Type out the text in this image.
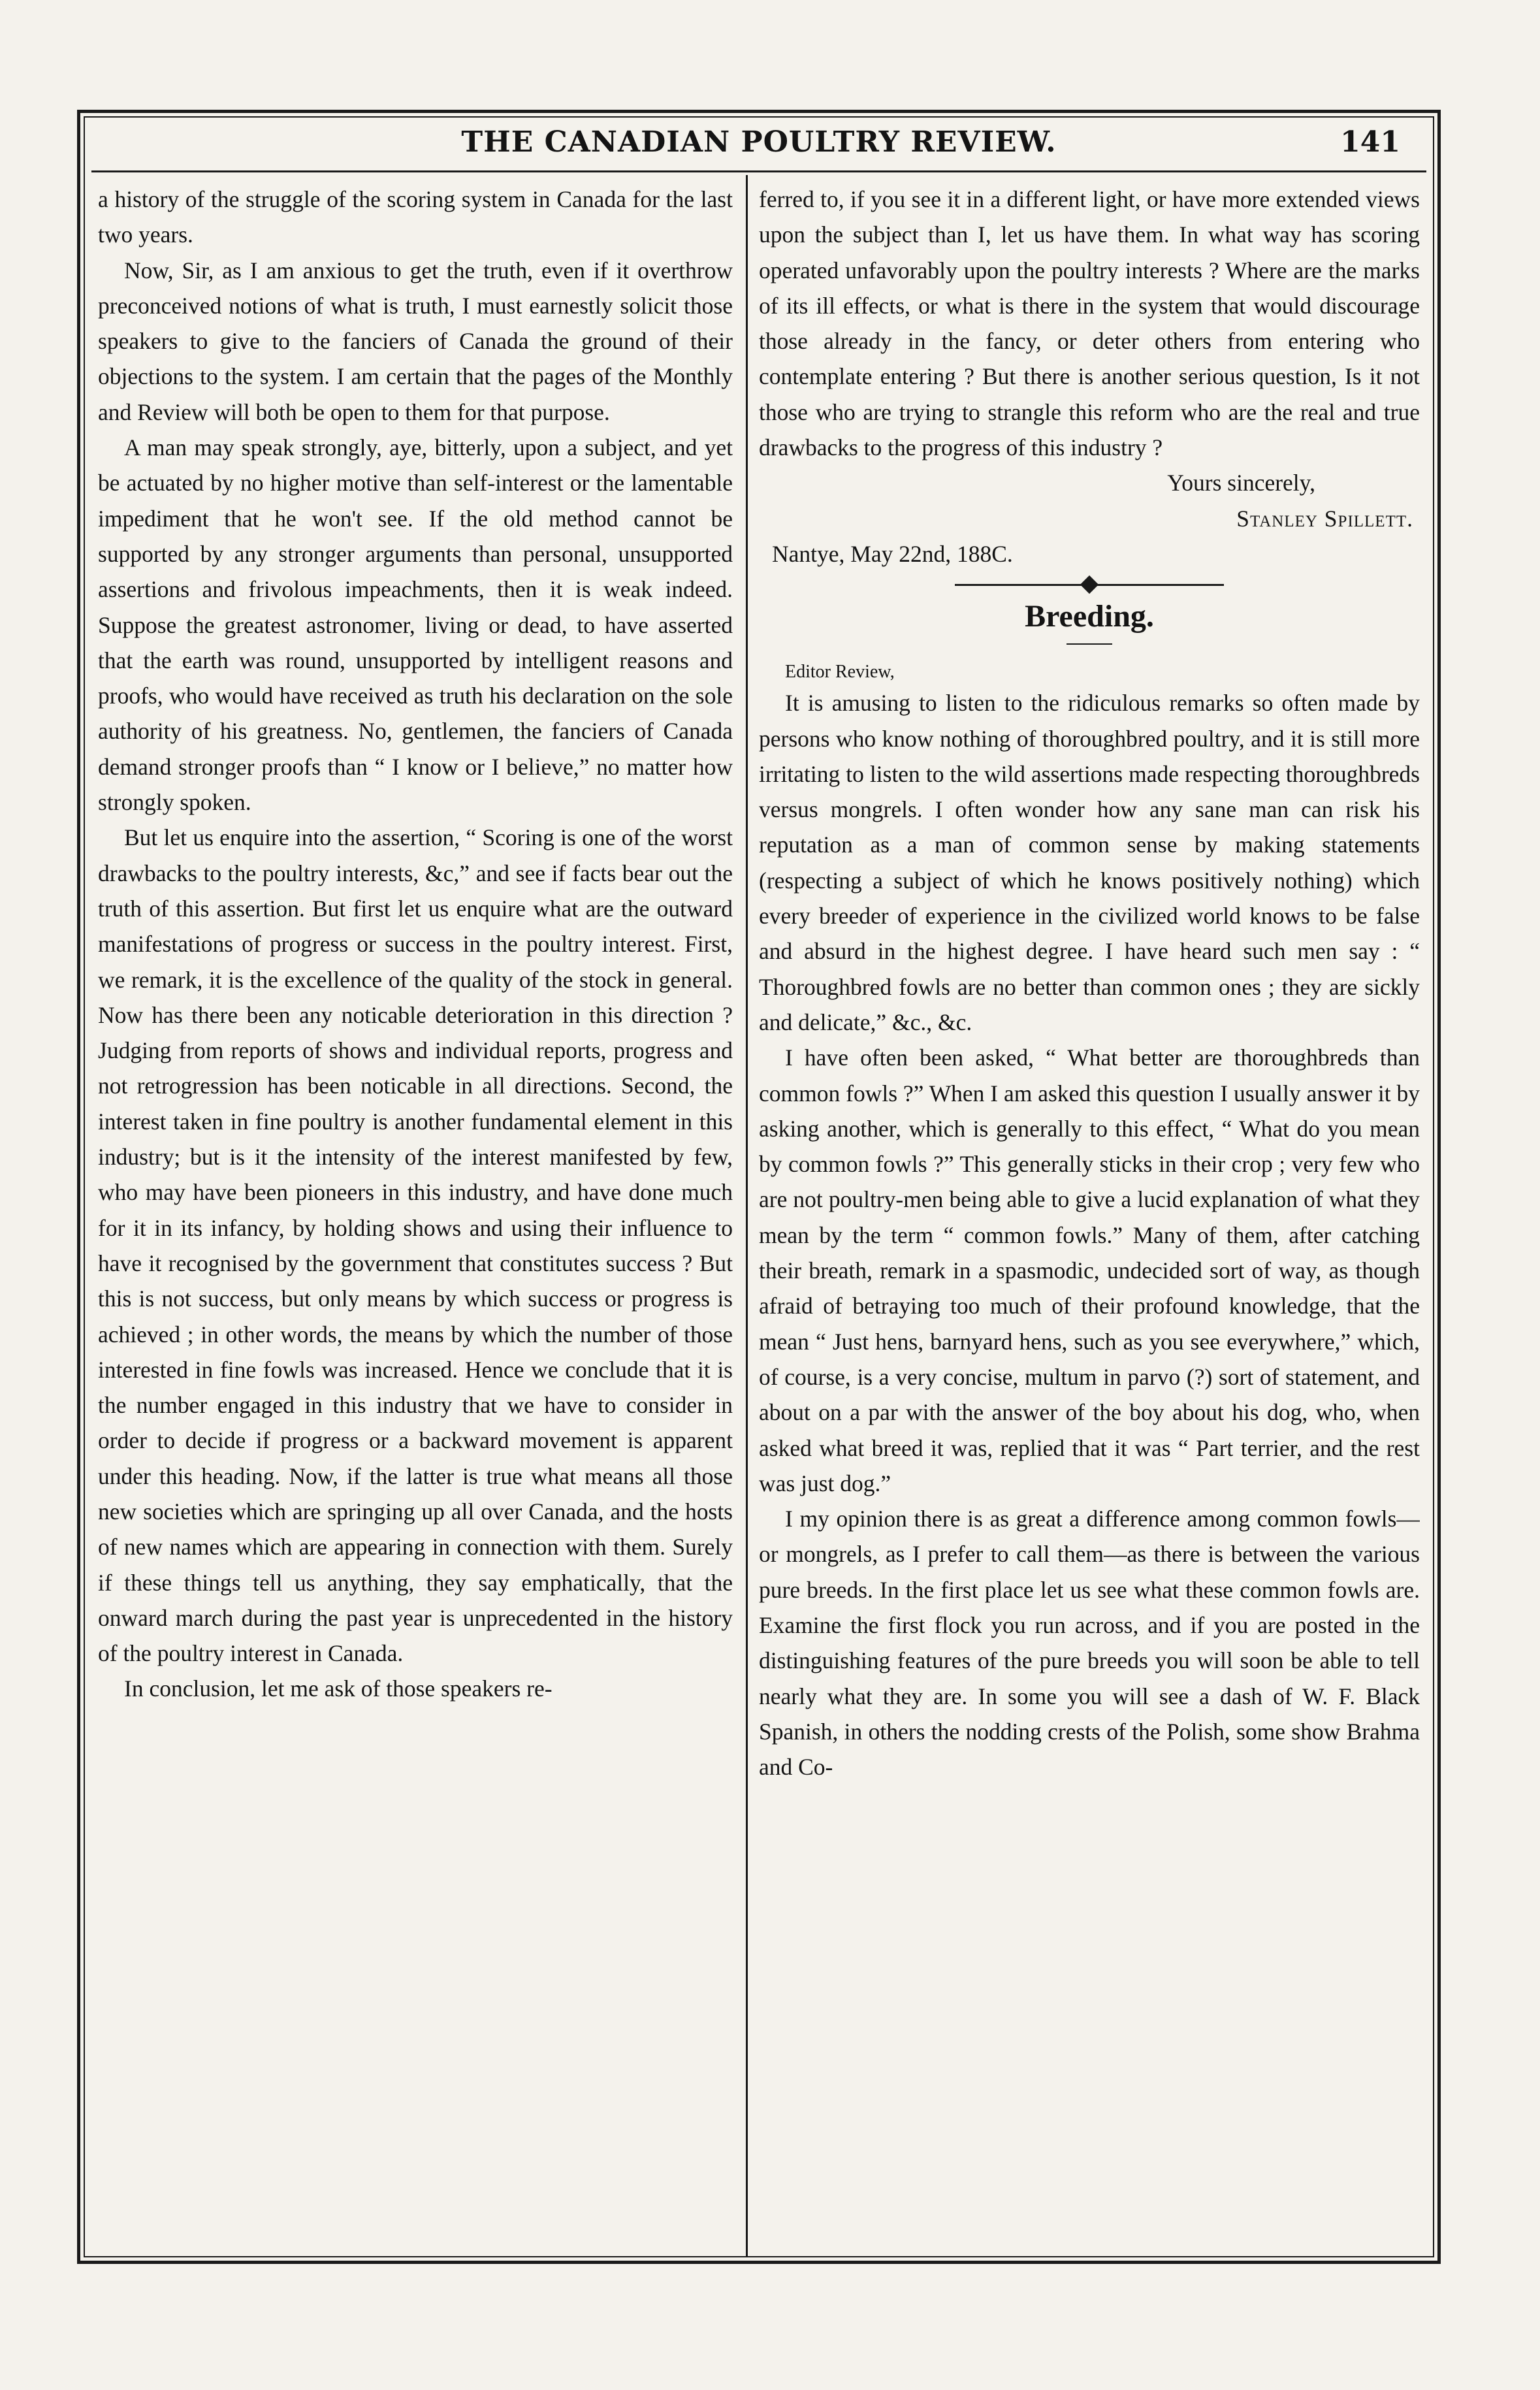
THE CANADIAN POULTRY REVIEW.	141

a history of the struggle of the scoring system in Canada for the last two years.

Now, Sir, as I am anxious to get the truth, even if it overthrow preconceived notions of what is truth, I must earnestly solicit those speakers to give to the fanciers of Canada the ground of their objections to the system. I am certain that the pages of the Monthly and Review will both be open to them for that purpose.

A man may speak strongly, aye, bitterly, upon a subject, and yet be actuated by no higher motive than self-interest or the lamentable impediment that he won't see. If the old method cannot be supported by any stronger arguments than personal, unsupported assertions and frivolous impeachments, then it is weak indeed. Suppose the greatest astronomer, living or dead, to have asserted that the earth was round, unsupported by intelligent reasons and proofs, who would have received as truth his declaration on the sole authority of his greatness. No, gentlemen, the fanciers of Canada demand stronger proofs than “ I know or I believe,” no matter how strongly spoken.

But let us enquire into the assertion, “ Scoring is one of the worst drawbacks to the poultry interests, &c,” and see if facts bear out the truth of this assertion. But first let us enquire what are the outward manifestations of progress or success in the poultry interest. First, we remark, it is the excellence of the quality of the stock in general. Now has there been any noticable deterioration in this direction ? Judging from reports of shows and individual reports, progress and not retrogression has been noticable in all directions. Second, the interest taken in fine poultry is another fundamental element in this industry; but is it the intensity of the interest manifested by few, who may have been pioneers in this industry, and have done much for it in its infancy, by holding shows and using their influence to have it recognised by the government that constitutes success ? But this is not success, but only means by which success or progress is achieved ; in other words, the means by which the number of those interested in fine fowls was increased. Hence we conclude that it is the number engaged in this industry that we have to consider in order to decide if progress or a backward movement is apparent under this heading. Now, if the latter is true what means all those new societies which are springing up all over Canada, and the hosts of new names which are appearing in connection with them. Surely if these things tell us anything, they say emphatically, that the onward march during the past year is unprecedented in the history of the poultry interest in Canada.

In conclusion, let me ask of those speakers re-

ferred to, if you see it in a different light, or have more extended views upon the subject than I, let us have them. In what way has scoring operated unfavorably upon the poultry interests ? Where are the marks of its ill effects, or what is there in the system that would discourage those already in the fancy, or deter others from entering who contemplate entering ? But there is another serious question, Is it not those who are trying to strangle this reform who are the real and true drawbacks to the progress of this industry ?

Yours sincerely,
Stanley Spillett.
Nantye, May 22nd, 188C.
Breeding.

Editor Review,

It is amusing to listen to the ridiculous remarks so often made by persons who know nothing of thoroughbred poultry, and it is still more irritating to listen to the wild assertions made respecting thoroughbreds versus mongrels. I often wonder how any sane man can risk his reputation as a man of common sense by making statements (respecting a subject of which he knows positively nothing) which every breeder of experience in the civilized world knows to be false and absurd in the highest degree. I have heard such men say : “ Thoroughbred fowls are no better than common ones ; they are sickly and delicate,” &c., &c.

I have often been asked, “ What better are thoroughbreds than common fowls ?” When I am asked this question I usually answer it by asking another, which is generally to this effect, “ What do you mean by common fowls ?” This generally sticks in their crop ; very few who are not poultry-men being able to give a lucid explanation of what they mean by the term “ common fowls.” Many of them, after catching their breath, remark in a spasmodic, undecided sort of way, as though afraid of betraying too much of their profound knowledge, that the mean “ Just hens, barnyard hens, such as you see everywhere,” which, of course, is a very concise, multum in parvo (?) sort of statement, and about on a par with the answer of the boy about his dog, who, when asked what breed it was, replied that it was “ Part terrier, and the rest was just dog.”

I my opinion there is as great a difference among common fowls—or mongrels, as I prefer to call them—as there is between the various pure breeds. In the first place let us see what these common fowls are. Examine the first flock you run across, and if you are posted in the distinguishing features of the pure breeds you will soon be able to tell nearly what they are. In some you will see a dash of W. F. Black Spanish, in others the nodding crests of the Polish, some show Brahma and Co-
